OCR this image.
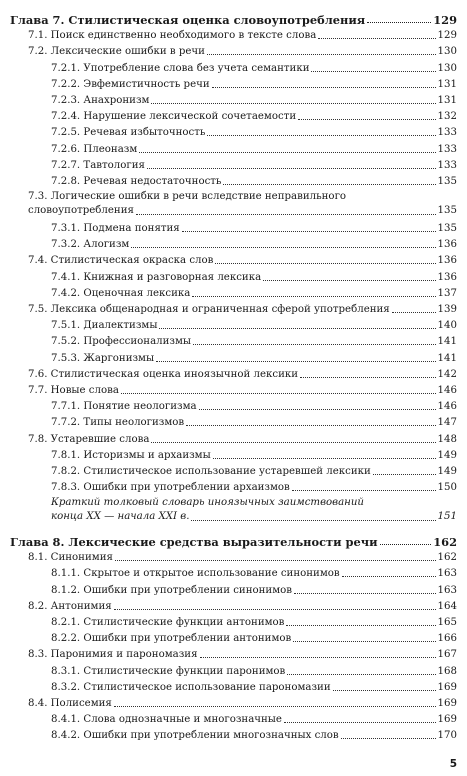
Глава 7. Стилистическая оценка словоупотребления	129
7.1. Поиск единственно необходимого в тексте слова	129
7.2. Лексические ошибки в речи	130
7.2.1. Употребление слова без учета семантики	130
7.2.2. Эвфемистичность речи	131
7.2.3. Анахронизм	131
7.2.4. Нарушение лексической сочетаемости	132
7.2.5. Речевая избыточность	133
7.2.6. Плеоназм	133
7.2.7. Тавтология	133
7.2.8. Речевая недостаточность	135
7.3. Логические ошибки в речи вследствие неправильного
словоупотребления	135
7.3.1. Подмена понятия	135
7.3.2. Алогизм	136
7.4. Стилистическая окраска слов	136
7.4.1. Книжная и разговорная лексика	136
7.4.2. Оценочная лексика	137
7.5. Лексика общенародная и ограниченная сферой употребления	139
7.5.1. Диалектизмы	140
7.5.2. Профессионализмы	141
7.5.3. Жаргонизмы	141
7.6. Стилистическая оценка иноязычной лексики	142
7.7. Новые слова	146
7.7.1. Понятие неологизма	146
7.7.2. Типы неологизмов	147
7.8. Устаревшие слова	148
7.8.1. Историзмы и архаизмы	149
7.8.2. Стилистическое использование устаревшей лексики	149
7.8.3. Ошибки при употреблении архаизмов	150
Краткий толковый словарь иноязычных заимствований
конца XX — начала XXI в.	151
Глава 8. Лексические средства выразительности речи	162
8.1. Синонимия	162
8.1.1. Скрытое и открытое использование синонимов	163
8.1.2. Ошибки при употреблении синонимов	163
8.2. Антонимия	164
8.2.1. Стилистические функции антонимов	165
8.2.2. Ошибки при употреблении антонимов	166
8.3. Паронимия и парономазия	167
8.3.1. Стилистические функции паронимов	168
8.3.2. Стилистическое использование парономазии	169
8.4. Полисемия	169
8.4.1. Слова однозначные и многозначные	169
8.4.2. Ошибки при употреблении многозначных слов	170
5
